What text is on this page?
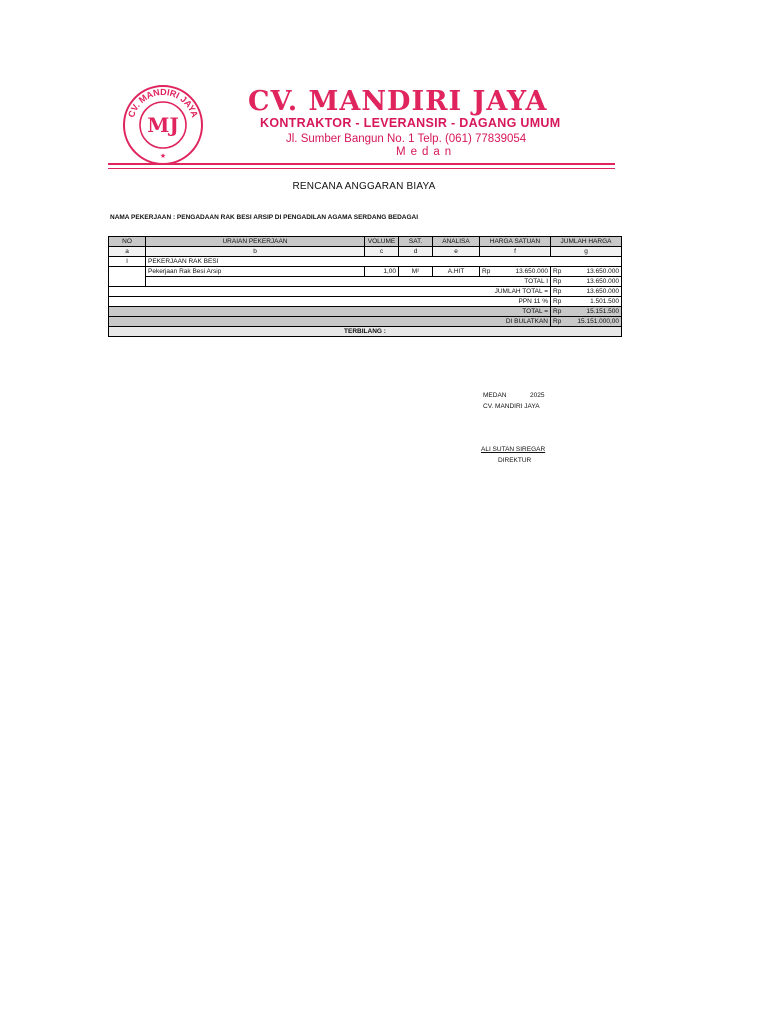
CV. MANDIRI JAYA
MJ
★
CV. MANDIRI JAYA
KONTRAKTOR - LEVERANSIR - DAGANG UMUM
Jl. Sumber Bangun No. 1 Telp. (061) 77839054
Medan
RENCANA ANGGARAN BIAYA
NAMA PEKERJAAN : PENGADAAN RAK BESI ARSIP DI PENGADILAN AGAMA SERDANG BEDAGAI
NO	URAIAN PEKERJAAN	VOLUME	SAT.	ANALISA	HARGA SATUAN	JUMLAH HARGA
a	b	c	d	e	f	g
I	PEKERJAAN RAK BESI					
	Pekerjaan Rak Besi Arsip	1,00	M²	A.HIT	Rp 13.650.000	Rp 13.650.000

	TOTAL I					Rp 13.650.000

JUMLAH TOTAL =						Rp 13.650.000

PPN 11 %						Rp 1.501.500

TOTAL =						Rp 15.151.500

DI BULATKAN						Rp 15.151.000,00

TERBILANG :						
MEDAN	2025
CV. MANDIRI JAYA
ALI SUTAN SIREGAR
DIREKTUR
